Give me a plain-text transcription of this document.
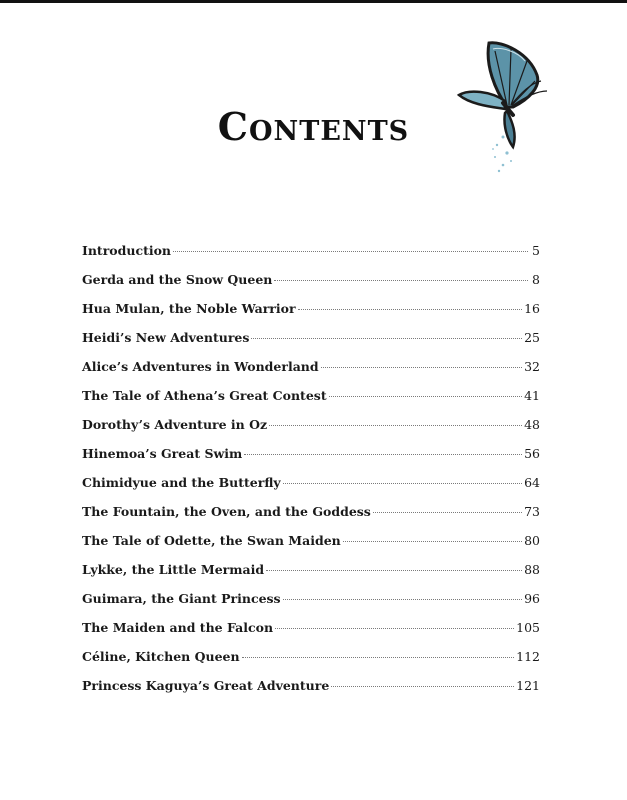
Contents
Introduction	5
Gerda and the Snow Queen	8
Hua Mulan, the Noble Warrior	16
Heidi’s New Adventures	25
Alice’s Adventures in Wonderland	32
The Tale of Athena’s Great Contest	41
Dorothy’s Adventure in Oz	48
Hinemoa’s Great Swim	56
Chimidyue and the Butterfly	64
The Fountain, the Oven, and the Goddess	73
The Tale of Odette, the Swan Maiden	80
Lykke, the Little Mermaid	88
Guimara, the Giant Princess	96
The Maiden and the Falcon	105
Céline, Kitchen Queen	112
Princess Kaguya’s Great Adventure	121
